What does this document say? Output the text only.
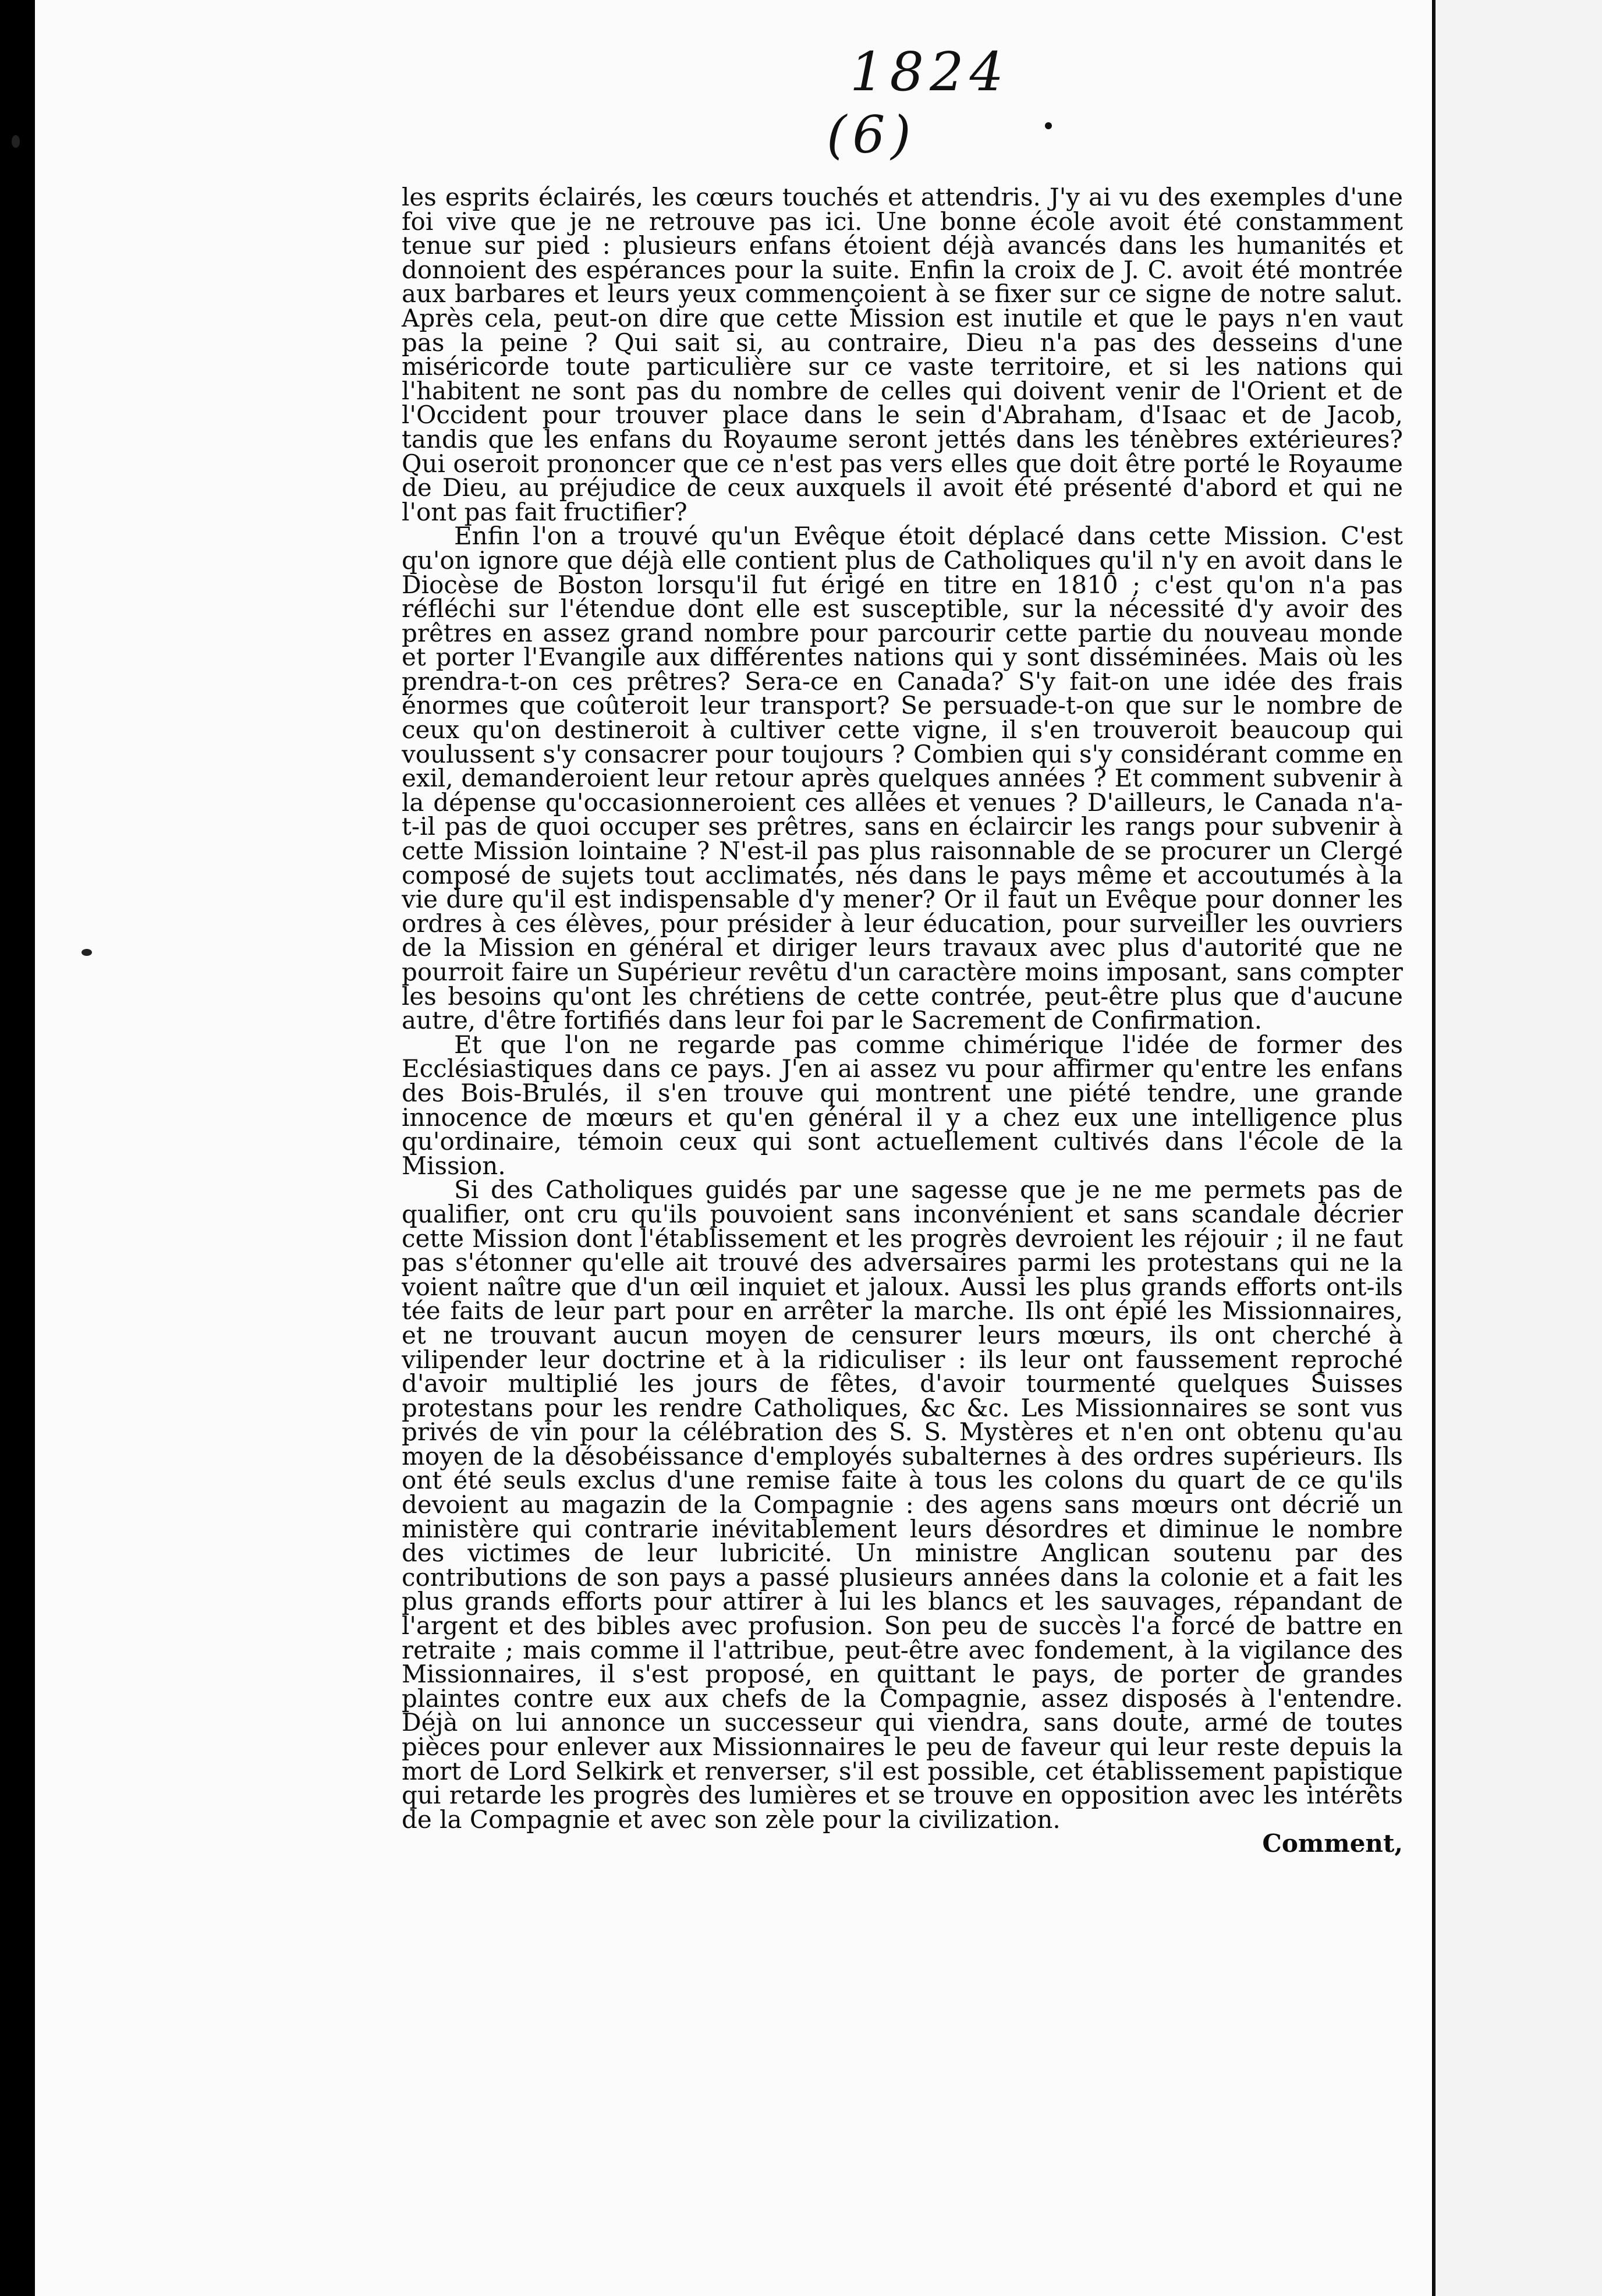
1824
(6)

les esprits éclairés, les cœurs touchés et attendris. J'y ai vu des exemples d'une foi vive que je ne retrouve pas ici. Une bonne école avoit été constamment tenue sur pied : plusieurs enfans étoient déjà avancés dans les humanités et donnoient des espérances pour la suite. Enfin la croix de J. C. avoit été montrée aux barbares et leurs yeux commençoient à se fixer sur ce signe de notre salut. Après cela, peut-on dire que cette Mission est inutile et que le pays n'en vaut pas la peine ? Qui sait si, au contraire, Dieu n'a pas des desseins d'une miséricorde toute particulière sur ce vaste territoire, et si les nations qui l'habitent ne sont pas du nombre de celles qui doivent venir de l'Orient et de l'Occident pour trouver place dans le sein d'Abraham, d'Isaac et de Jacob, tandis que les enfans du Royaume seront jettés dans les ténèbres extérieures? Qui oseroit prononcer que ce n'est pas vers elles que doit être porté le Royaume de Dieu, au préjudice de ceux auxquels il avoit été présenté d'abord et qui ne l'ont pas fait fructifier?

Enfin l'on a trouvé qu'un Evêque étoit déplacé dans cette Mission. C'est qu'on ignore que déjà elle contient plus de Catholiques qu'il n'y en avoit dans le Diocèse de Boston lorsqu'il fut érigé en titre en 1810 ; c'est qu'on n'a pas réfléchi sur l'étendue dont elle est susceptible, sur la nécessité d'y avoir des prêtres en assez grand nombre pour parcourir cette partie du nouveau monde et porter l'Evangile aux différentes nations qui y sont disséminées. Mais où les prendra-t-on ces prêtres? Sera-ce en Canada? S'y fait-on une idée des frais énormes que coûteroit leur transport? Se persuade-t-on que sur le nombre de ceux qu'on destineroit à cultiver cette vigne, il s'en trouveroit beaucoup qui voulussent s'y consacrer pour toujours ? Combien qui s'y considérant comme en exil, demanderoient leur retour après quelques années ? Et comment subvenir à la dépense qu'occasionneroient ces allées et venues ? D'ailleurs, le Canada n'a-t-il pas de quoi occuper ses prêtres, sans en éclaircir les rangs pour subvenir à cette Mission lointaine ? N'est-il pas plus raisonnable de se procurer un Clergé composé de sujets tout acclimatés, nés dans le pays même et accoutumés à la vie dure qu'il est indispensable d'y mener? Or il faut un Evêque pour donner les ordres à ces élèves, pour présider à leur éducation, pour surveiller les ouvriers de la Mission en général et diriger leurs travaux avec plus d'autorité que ne pourroit faire un Supérieur revêtu d'un caractère moins imposant, sans compter les besoins qu'ont les chrétiens de cette contrée, peut-être plus que d'aucune autre, d'être fortifiés dans leur foi par le Sacrement de Confirmation.

Et que l'on ne regarde pas comme chimérique l'idée de former des Ecclésiastiques dans ce pays. J'en ai assez vu pour affirmer qu'entre les enfans des Bois-Brulés, il s'en trouve qui montrent une piété tendre, une grande innocence de mœurs et qu'en général il y a chez eux une intelligence plus qu'ordinaire, témoin ceux qui sont actuellement cultivés dans l'école de la Mission.

Si des Catholiques guidés par une sagesse que je ne me permets pas de qualifier, ont cru qu'ils pouvoient sans inconvénient et sans scandale décrier cette Mission dont l'établissement et les progrès devroient les réjouir ; il ne faut pas s'étonner qu'elle ait trouvé des adversaires parmi les protestans qui ne la voient naître que d'un œil inquiet et jaloux. Aussi les plus grands efforts ont-ils tée faits de leur part pour en arrêter la marche. Ils ont épié les Missionnaires, et ne trouvant aucun moyen de censurer leurs mœurs, ils ont cherché à vilipender leur doctrine et à la ridiculiser : ils leur ont faussement reproché d'avoir multiplié les jours de fêtes, d'avoir tourmenté quelques Suisses protestans pour les rendre Catholiques, &c &c. Les Missionnaires se sont vus privés de vin pour la célébration des S. S. Mystères et n'en ont obtenu qu'au moyen de la désobéissance d'employés subalternes à des ordres supérieurs. Ils ont été seuls exclus d'une remise faite à tous les colons du quart de ce qu'ils devoient au magazin de la Compagnie : des agens sans mœurs ont décrié un ministère qui contrarie inévitablement leurs désordres et diminue le nombre des victimes de leur lubricité. Un ministre Anglican soutenu par des contributions de son pays a passé plusieurs années dans la colonie et a fait les plus grands efforts pour attirer à lui les blancs et les sauvages, répandant de l'argent et des bibles avec profusion. Son peu de succès l'a forcé de battre en retraite ; mais comme il l'attribue, peut-être avec fondement, à la vigilance des Missionnaires, il s'est proposé, en quittant le pays, de porter de grandes plaintes contre eux aux chefs de la Compagnie, assez disposés à l'entendre. Déjà on lui annonce un successeur qui viendra, sans doute, armé de toutes pièces pour enlever aux Missionnaires le peu de faveur qui leur reste depuis la mort de Lord Selkirk et renverser, s'il est possible, cet établissement papistique qui retarde les progrès des lumières et se trouve en opposition avec les intérêts de la Compagnie et avec son zèle pour la civilization.

Comment,
